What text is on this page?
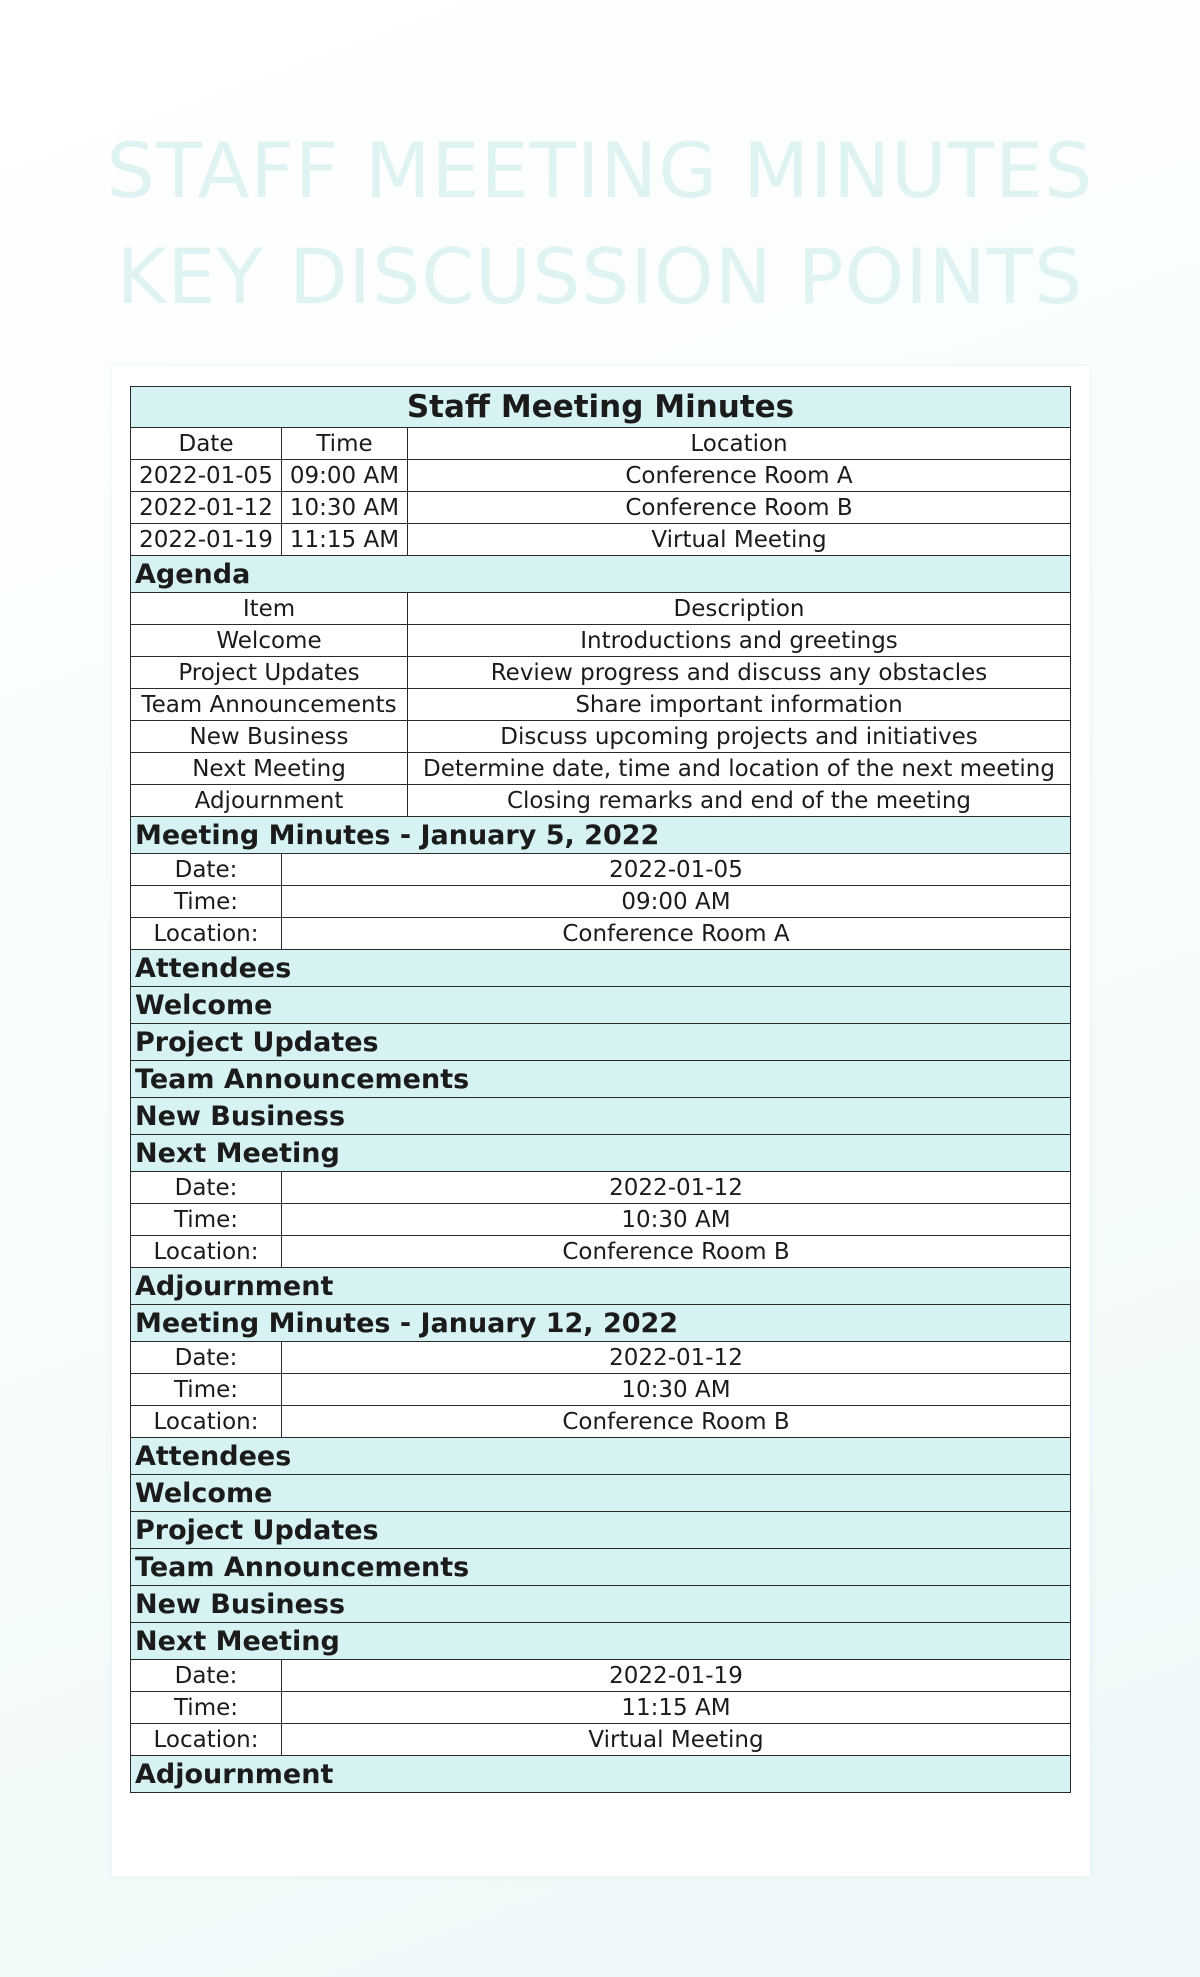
STAFF MEETING MINUTES
KEY DISCUSSION POINTS
Staff Meeting Minutes		
Date	Time	Location
2022-01-05	09:00 AM	Conference Room A
2022-01-12	10:30 AM	Conference Room B
2022-01-19	11:15 AM	Virtual Meeting
Agenda		
Item		Description
Welcome		Introductions and greetings
Project Updates		Review progress and discuss any obstacles
Team Announcements		Share important information
New Business		Discuss upcoming projects and initiatives
Next Meeting		Determine date, time and location of the next meeting
Adjournment		Closing remarks and end of the meeting
Meeting Minutes - January 5, 2022		
Date:	2022-01-05	
Time:	09:00 AM	
Location:	Conference Room A	
Attendees		
Welcome		
Project Updates		
Team Announcements		
New Business		
Next Meeting		
Date:	2022-01-12	
Time:	10:30 AM	
Location:	Conference Room B	
Adjournment		
Meeting Minutes - January 12, 2022		
Date:	2022-01-12	
Time:	10:30 AM	
Location:	Conference Room B	
Attendees		
Welcome		
Project Updates		
Team Announcements		
New Business		
Next Meeting		
Date:	2022-01-19	
Time:	11:15 AM	
Location:	Virtual Meeting	
Adjournment		
